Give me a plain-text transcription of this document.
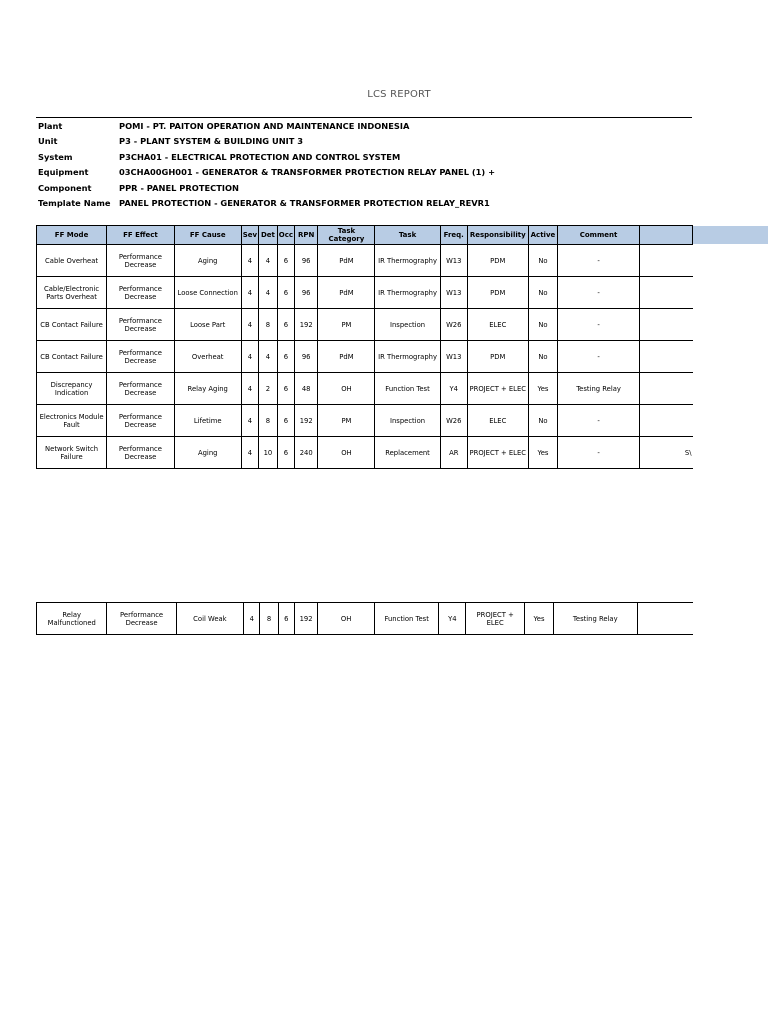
LCS REPORT
Plant	POMI - PT. PAITON OPERATION AND MAINTENANCE INDONESIA
Unit	P3 - PLANT SYSTEM & BUILDING UNIT 3
System	P3CHA01 - ELECTRICAL PROTECTION AND CONTROL SYSTEM
Equipment	03CHA00GH001 - GENERATOR & TRANSFORMER PROTECTION RELAY PANEL (1) +
Component	PPR - PANEL PROTECTION
Template Name PANEL PROTECTION - GENERATOR & TRANSFORMER PROTECTION RELAY_REVR1
FF Mode	FF Effect	FF Cause	Sev	Det	Occ	RPN	Task Category	Task	Freq.	Responsibility	Active	Comment	
Cable Overheat	Performance Decrease	Aging	4	4	6	96	PdM	IR Thermography	W13	PDM	No	-	
Cable/Electronic Parts Overheat	Performance Decrease	Loose Connection	4	4	6	96	PdM	IR Thermography	W13	PDM	No	-	
CB Contact Failure	Performance Decrease	Loose Part	4	8	6	192	PM	Inspection	W26	ELEC	No	-	
CB Contact Failure	Performance Decrease	Overheat	4	4	6	96	PdM	IR Thermography	W13	PDM	No	-	
Discrepancy Indication	Performance Decrease	Relay Aging	4	2	6	48	OH	Function Test	Y4	PROJECT + ELEC	Yes	Testing Relay	
Electronics Module Fault	Performance Decrease	Lifetime	4	8	6	192	PM	Inspection	W26	ELEC	No	-	
Network Switch Failure	Performance Decrease	Aging	4	10	6	240	OH	Replacement	AR	PROJECT + ELEC	Yes	-	S\
Relay Malfunctioned	Performance Decrease	Coil Weak	4	8	6	192	OH	Function Test	Y4	PROJECT + ELEC	Yes	Testing Relay	
